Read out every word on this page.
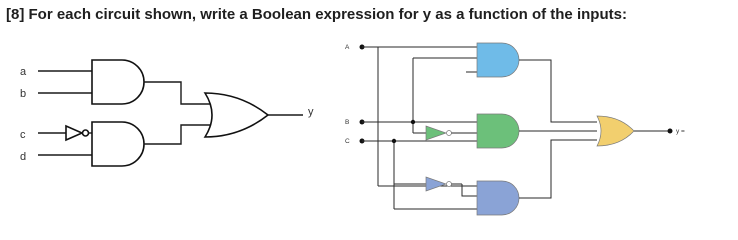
[8] For each circuit shown, write a Boolean expression for y as a function of the inputs:

a
b
c
d
y
A
B
C
y =
